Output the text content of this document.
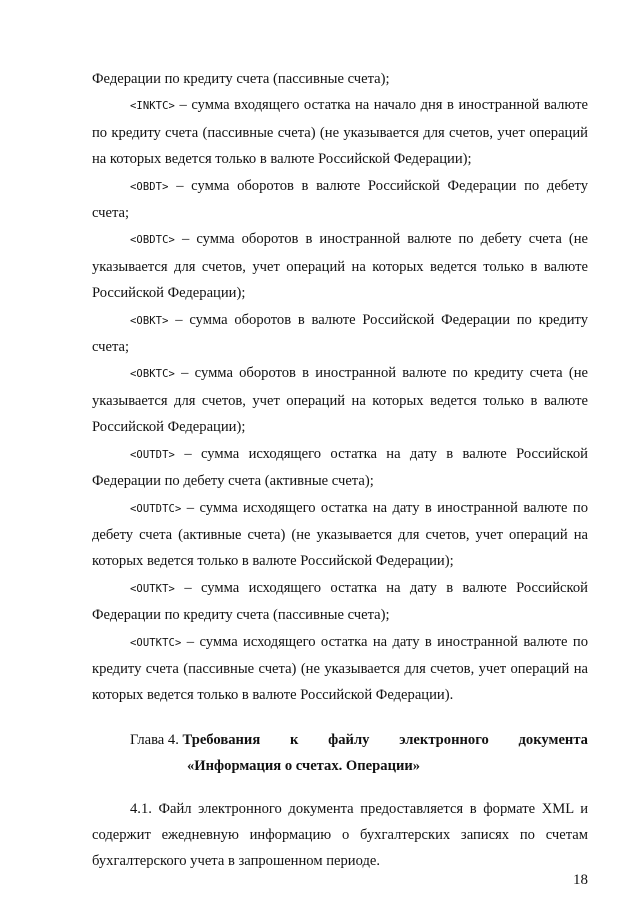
Федерации по кредиту счета (пассивные счета);

<INKTC> – сумма входящего остатка на начало дня в иностранной валюте по кредиту счета (пассивные счета) (не указывается для счетов, учет операций на которых ведется только в валюте Российской Федерации);

<OBDT> – сумма оборотов в валюте Российской Федерации по дебету счета;

<OBDTC> – сумма оборотов в иностранной валюте по дебету счета (не указывается для счетов, учет операций на которых ведется только в валюте Российской Федерации);

<OBKT> – сумма оборотов в валюте Российской Федерации по кредиту счета;

<OBKTC> – сумма оборотов в иностранной валюте по кредиту счета (не указывается для счетов, учет операций на которых ведется только в валюте Российской Федерации);

<OUTDT> – сумма исходящего остатка на дату в валюте Российской Федерации по дебету счета (активные счета);

<OUTDTC> – сумма исходящего остатка на дату в иностранной валюте по дебету счета (активные счета) (не указывается для счетов, учет операций на которых ведется только в валюте Российской Федерации);

<OUTKT> – сумма исходящего остатка на дату в валюте Российской Федерации по кредиту счета (пассивные счета);

<OUTKTC> – сумма исходящего остатка на дату в иностранной валюте по кредиту счета (пассивные счета) (не указывается для счетов, учет операций на которых ведется только в валюте Российской Федерации).

Глава 4. Требования к файлу электронного документа
«Информация о счетах. Операции»

4.1. Файл электронного документа предоставляется в формате XML и содержит ежедневную информацию о бухгалтерских записях по счетам бухгалтерского учета в запрошенном периоде.

18
